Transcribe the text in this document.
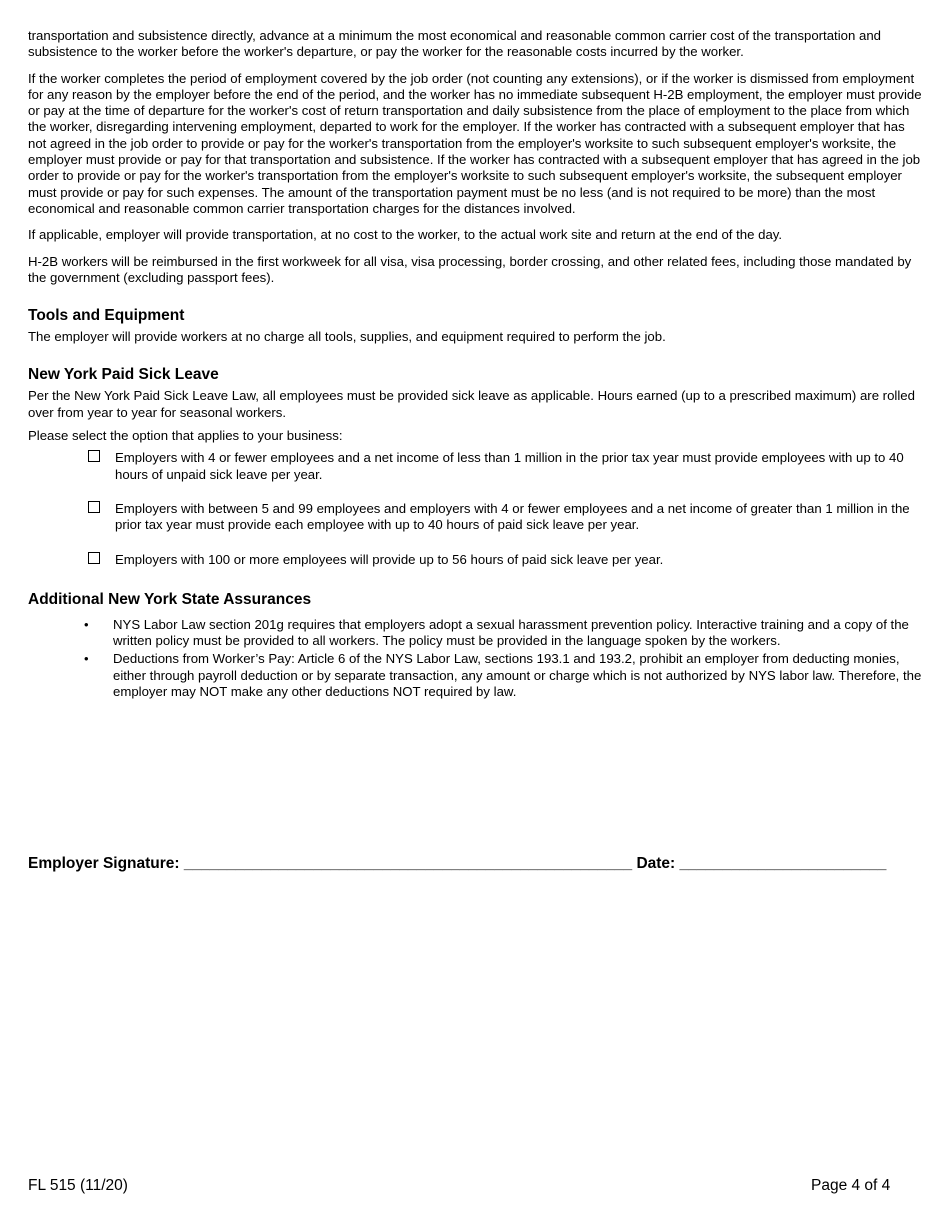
transportation and subsistence directly, advance at a minimum the most economical and reasonable common carrier cost of the transportation and subsistence to the worker before the worker's departure, or pay the worker for the reasonable costs incurred by the worker.

If the worker completes the period of employment covered by the job order (not counting any extensions), or if the worker is dismissed from employment for any reason by the employer before the end of the period, and the worker has no immediate subsequent H-2B employment, the employer must provide or pay at the time of departure for the worker's cost of return transportation and daily subsistence from the place of employment to the place from which the worker, disregarding intervening employment, departed to work for the employer. If the worker has contracted with a subsequent employer that has not agreed in the job order to provide or pay for the worker's transportation from the employer's worksite to such subsequent employer's worksite, the employer must provide or pay for that transportation and subsistence. If the worker has contracted with a subsequent employer that has agreed in the job order to provide or pay for the worker's transportation from the employer's worksite to such subsequent employer's worksite, the subsequent employer must provide or pay for such expenses. The amount of the transportation payment must be no less (and is not required to be more) than the most economical and reasonable common carrier transportation charges for the distances involved.

If applicable, employer will provide transportation, at no cost to the worker, to the actual work site and return at the end of the day.

H-2B workers will be reimbursed in the first workweek for all visa, visa processing, border crossing, and other related fees, including those mandated by the government (excluding passport fees).

Tools and Equipment

The employer will provide workers at no charge all tools, supplies, and equipment required to perform the job.

New York Paid Sick Leave

Per the New York Paid Sick Leave Law, all employees must be provided sick leave as applicable. Hours earned (up to a prescribed maximum) are rolled over from year to year for seasonal workers.

Please select the option that applies to your business:

Employers with 4 or fewer employees and a net income of less than 1 million in the prior tax year must provide employees with up to 40 hours of unpaid sick leave per year.
Employers with between 5 and 99 employees and employers with 4 or fewer employees and a net income of greater than 1 million in the prior tax year must provide each employee with up to 40 hours of paid sick leave per year.
Employers with 100 or more employees will provide up to 56 hours of paid sick leave per year.
Additional New York State Assurances
• NYS Labor Law section 201g requires that employers adopt a sexual harassment prevention policy. Interactive training and a copy of the written policy must be provided to all workers. The policy must be provided in the language spoken by the workers.
• Deductions from Worker’s Pay: Article 6 of the NYS Labor Law, sections 193.1 and 193.2, prohibit an employer from deducting monies, either through payroll deduction or by separate transaction, any amount or charge which is not authorized by NYS labor law. Therefore, the employer may NOT make any other deductions NOT required by law.
Employer Signature: ____________________________________________________ Date: ________________________
FL 515 (11/20)	Page 4 of 4
